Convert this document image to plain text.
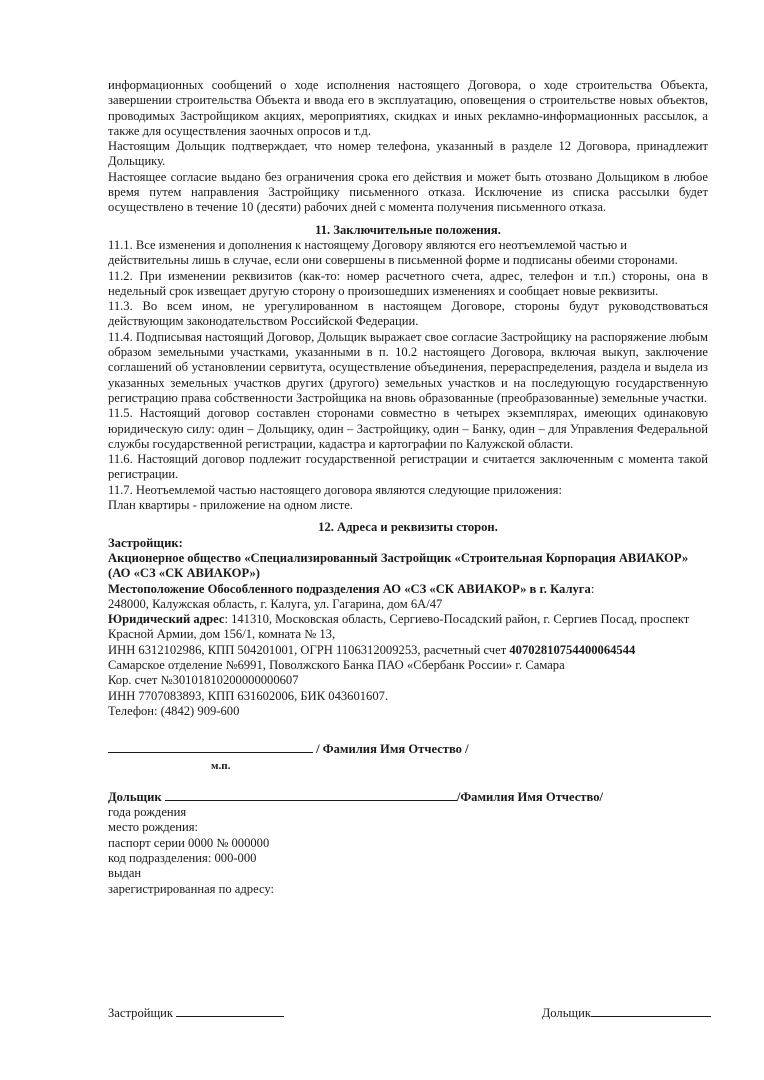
информационных сообщений о ходе исполнения настоящего Договора, о ходе строительства Объекта, завершении строительства Объекта и ввода его в эксплуатацию, оповещения о строительстве новых объектов, проводимых Застройщиком акциях, мероприятиях, скидках и иных рекламно-информационных рассылок, а также для осуществления заочных опросов и т.д.

Настоящим Дольщик подтверждает, что номер телефона, указанный в разделе 12 Договора, принадлежит Дольщику.

Настоящее согласие выдано без ограничения срока его действия и может быть отозвано Дольщиком в любое время путем направления Застройщику письменного отказа. Исключение из списка рассылки будет осуществлено в течение 10 (десяти) рабочих дней с момента получения письменного отказа.

11. Заключительные положения.

11.1. Все изменения и дополнения к настоящему Договору являются его неотъемлемой частью и действительны лишь в случае, если они совершены в письменной форме и подписаны обеими сторонами.

11.2. При изменении реквизитов (как-то: номер расчетного счета, адрес, телефон и т.п.) стороны, она в недельный срок извещает другую сторону о произошедших изменениях и сообщает новые реквизиты.

11.3. Во всем ином, не урегулированном в настоящем Договоре, стороны будут руководствоваться действующим законодательством Российской Федерации.

11.4. Подписывая настоящий Договор, Дольщик выражает свое согласие Застройщику на распоряжение любым образом земельными участками, указанными в п. 10.2 настоящего Договора, включая выкуп, заключение соглашений об установлении сервитута, осуществление объединения, перераспределения, раздела и выдела из указанных земельных участков других (другого) земельных участков и на последующую государственную регистрацию права собственности Застройщика на вновь образованные (преобразованные) земельные участки.

11.5. Настоящий договор составлен сторонами совместно в четырех экземплярах, имеющих одинаковую юридическую силу: один – Дольщику, один – Застройщику, один – Банку, один – для Управления Федеральной службы государственной регистрации, кадастра и картографии по Калужской области.

11.6. Настоящий договор подлежит государственной регистрации и считается заключенным с момента такой регистрации.

11.7. Неотъемлемой частью настоящего договора являются следующие приложения:

План квартиры - приложение на одном листе.

12. Адреса и реквизиты сторон.

Застройщик:

Акционерное общество «Специализированный Застройщик «Строительная Корпорация АВИАКОР» (АО «СЗ «СК АВИАКОР»)

Местоположение Обособленного подразделения АО «СЗ «СК АВИАКОР» в г. Калуга:

248000, Калужская область, г. Калуга, ул. Гагарина, дом 6А/47

Юридический адрес: 141310, Московская область, Сергиево-Посадский район, г. Сергиев Посад, проспект Красной Армии, дом 156/1, комната № 13,

ИНН 6312102986, КПП 504201001, ОГРН 1106312009253, расчетный счет 40702810754400064544

Самарское отделение №6991, Поволжского Банка ПАО «Сбербанк России» г. Самара

Кор. счет №30101810200000000607

ИНН 7707083893, КПП 631602006, БИК 043601607.

Телефон: (4842) 909-600

/ Фамилия Имя Отчество /

м.п.

Дольщик	/Фамилия Имя Отчество/

года рождения

место рождения:

паспорт серии 0000 № 000000

код подразделения: 000-000

выдан

зарегистрированная по адресу:

Застройщик	Дольщик
